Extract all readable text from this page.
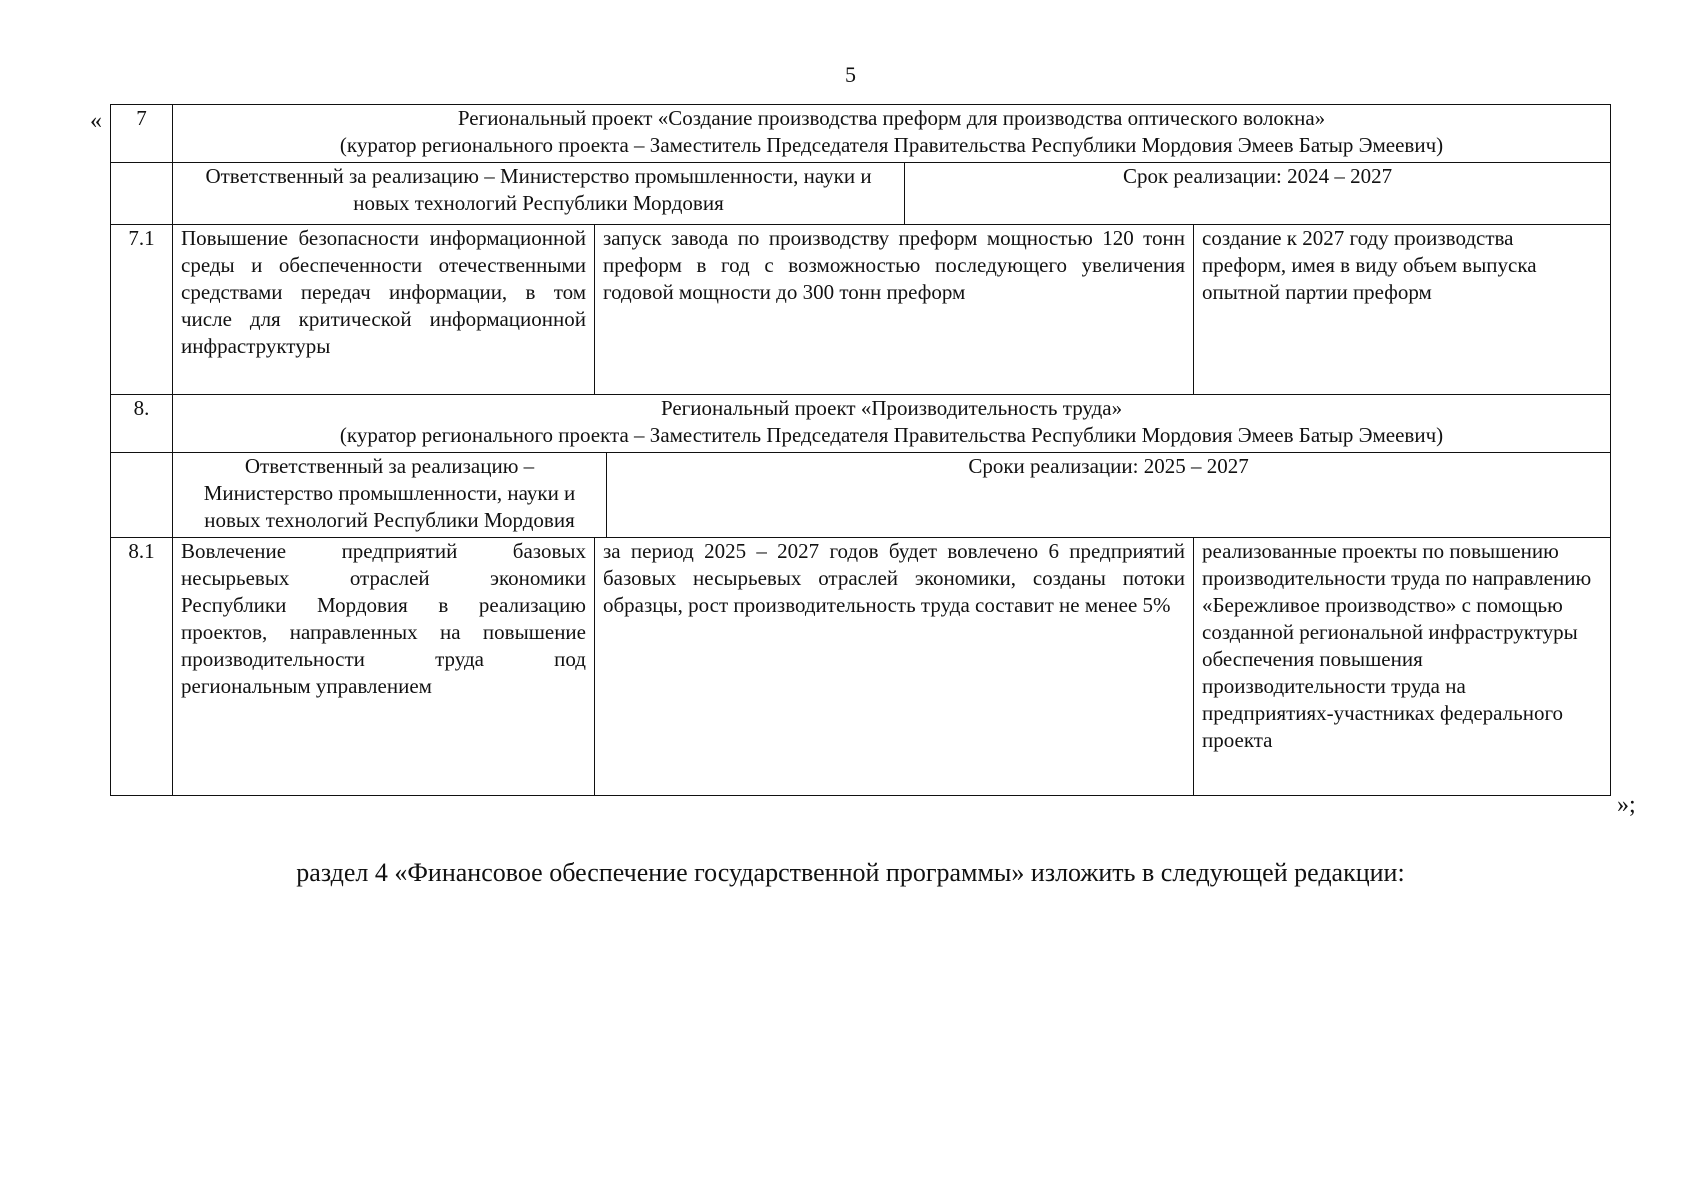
5
« 7	Региональный проект «Создание производства преформ для производства оптического волокна»
(куратор регионального проекта – Заместитель Председателя Правительства Республики Мордовия Эмеев Батыр Эмеевич)				

	Ответственный за реализацию – Министерство промышленности, науки и новых технологий Республики Мордовия			Срок реализации: 2024 – 2027	
7.1	Повышение безопасности информационной среды и обеспеченности отечественными средствами передач информации, в том числе для критической информационной инфраструктуры	запуск завода по производству преформ мощностью 120 тонн преформ в год с возможностью последующего увеличения годовой мощности до 300 тонн преформ			создание к 2027 году производства преформ, имея в виду объем выпуска опытной партии преформ
8.	Региональный проект «Производительность труда»
(куратор регионального проекта – Заместитель Председателя Правительства Республики Мордовия Эмеев Батыр Эмеевич)				

	Ответственный за реализацию – Министерство промышленности, науки и новых технологий Республики Мордовия		Сроки реализации: 2025 – 2027		
8.1	Вовлечение предприятий базовых несырьевых отраслей экономики Республики Мордовия в реализацию проектов, направленных на повышение производительности труда под региональным управлением	за период 2025 – 2027 годов будет вовлечено 6 предприятий базовых несырьевых отраслей экономики, созданы потоки образцы, рост производительность труда составит не менее 5%			реализованные проекты по повышению производительности труда по направлению «Бережливое производство» с помощью созданной региональной инфраструктуры обеспечения повышения производительности труда на предприятиях-участниках федерального проекта
»;
раздел 4 «Финансовое обеспечение государственной программы» изложить в следующей редакции:
